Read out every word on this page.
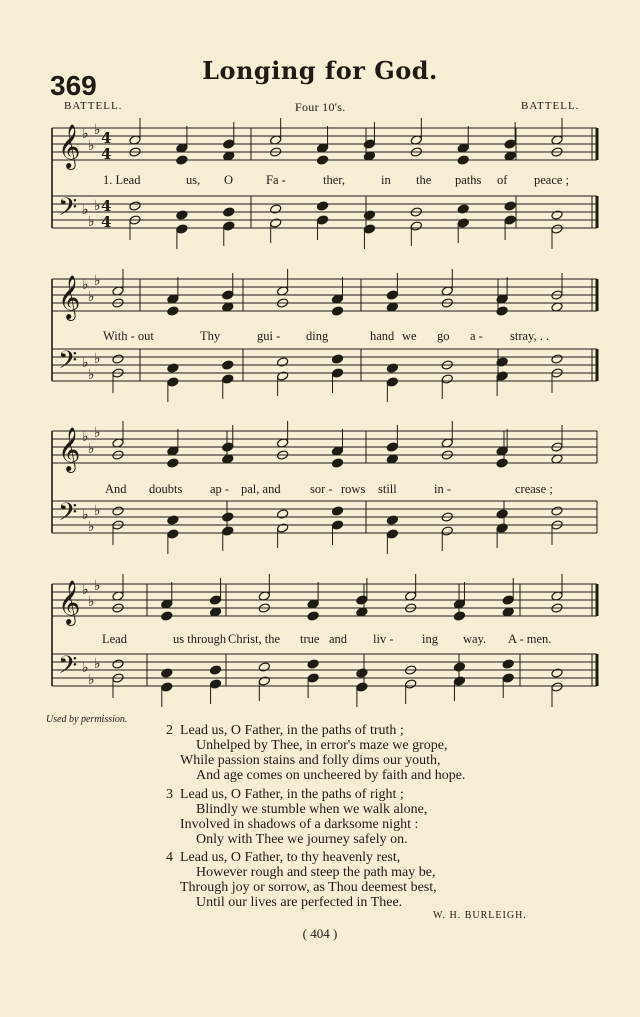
369	Longing for God.
BATTELL.	Four 10's.	BATTELL.
𝄞
𝄢
♭
♭
♭
♭
♭
♭
4
4
4
4
𝄞
𝄢
♭
♭
♭
♭
♭
♭
𝄞
𝄢
♭
♭
♭
♭
♭
♭
𝄞
𝄢
♭
♭
♭
♭
♭
♭
1. Lead	us, O	Fa -	ther,	in the paths of peace ;
With - out	Thy	gui - ding	hand we go a - stray, . .
And doubts ap - pal, and sor - rows still	in -	crease ;
Lead	us through Christ, the true and liv - ing way. A - men.
Used by permission.
2 Lead us, O Father, in the paths of truth ;
Unhelped by Thee, in error's maze we grope,
While passion stains and folly dims our youth,
And age comes on uncheered by faith and hope.
3 Lead us, O Father, in the paths of right ;
Blindly we stumble when we walk alone,
Involved in shadows of a darksome night :
Only with Thee we journey safely on.
4 Lead us, O Father, to thy heavenly rest,
However rough and steep the path may be,
Through joy or sorrow, as Thou deemest best,
Until our lives are perfected in Thee.
W. H. BURLEIGH.
( 404 )
